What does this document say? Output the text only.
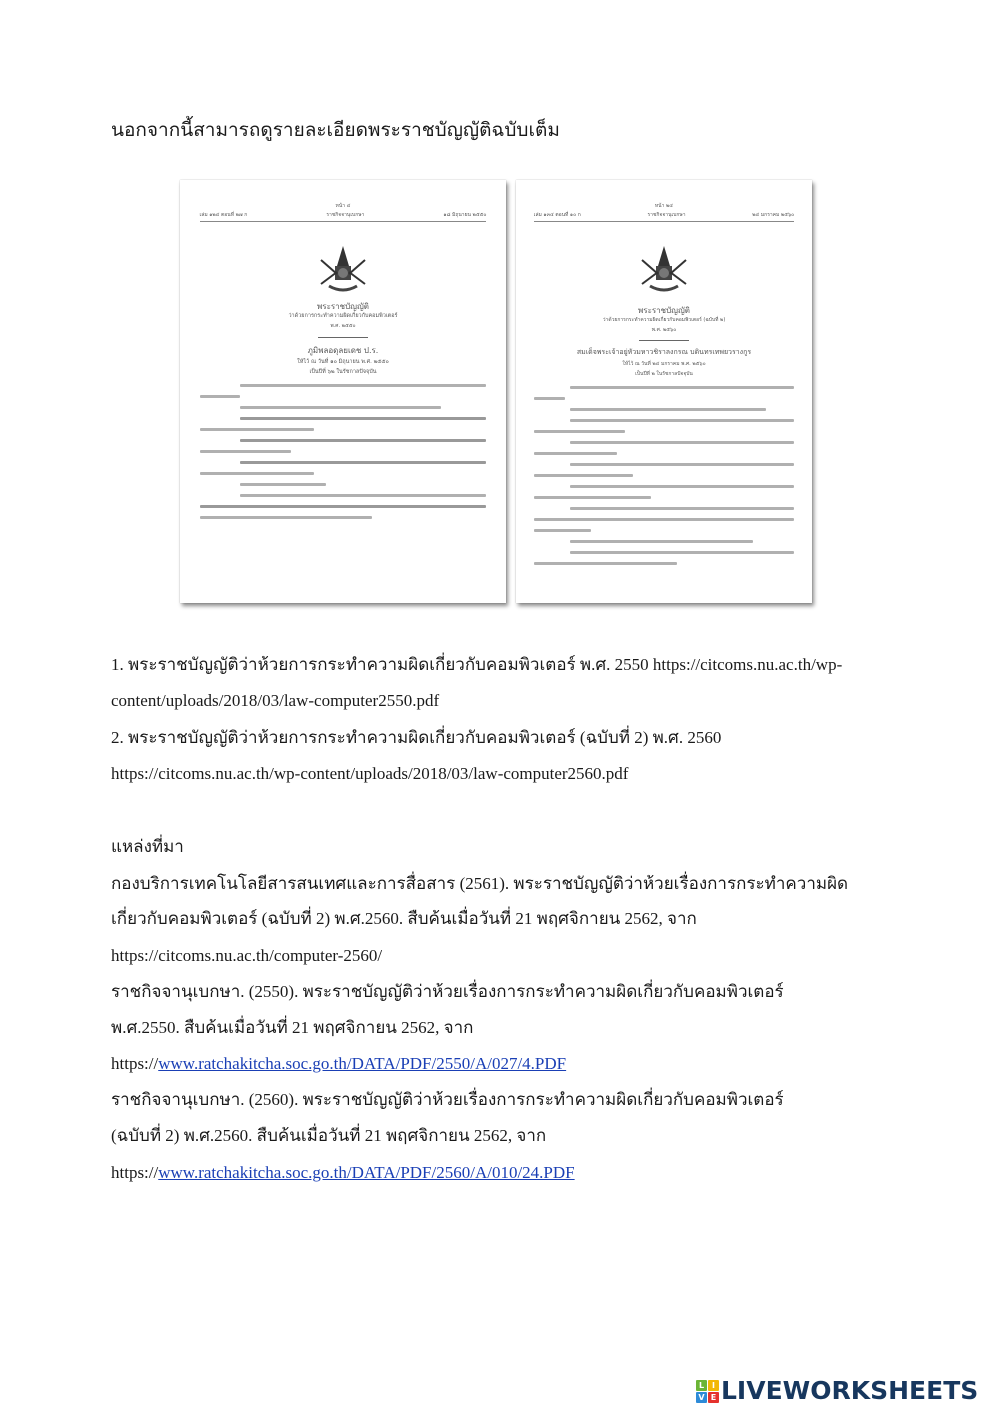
นอกจากนี้สามารถดูรายละเอียดพระราชบัญญัติฉบับเต็ม
หน้า ๔
เล่ม ๑๒๔ ตอนที่ ๒๗ ก	ราชกิจจานุเบกษา	๑๘ มิถุนายน ๒๕๕๐
พระราชบัญญัติ
ว่าด้วยการกระทำความผิดเกี่ยวกับคอมพิวเตอร์
พ.ศ. ๒๕๕๐
ภูมิพลอดุลยเดช ป.ร.
ให้ไว้ ณ วันที่ ๑๐ มิถุนายน พ.ศ. ๒๕๕๐
เป็นปีที่ ๖๒ ในรัชกาลปัจจุบัน
หน้า ๒๔
เล่ม ๑๓๔ ตอนที่ ๑๐ ก	ราชกิจจานุเบกษา	๒๔ มกราคม ๒๕๖๐
พระราชบัญญัติ
ว่าด้วยการกระทำความผิดเกี่ยวกับคอมพิวเตอร์ (ฉบับที่ ๒)
พ.ศ. ๒๕๖๐
สมเด็จพระเจ้าอยู่หัวมหาวชิราลงกรณ บดินทรเทพยวรางกูร
ให้ไว้ ณ วันที่ ๒๔ มกราคม พ.ศ. ๒๕๖๐
เป็นปีที่ ๒ ในรัชกาลปัจจุบัน
1. พระราชบัญญัติว่าห้วยการกระทําความผิดเกี่ยวกับคอมพิวเตอร์ พ.ศ. 2550 https://citcoms.nu.ac.th/wp-
content/uploads/2018/03/law-computer2550.pdf
2. พระราชบัญญัติว่าห้วยการกระทําความผิดเกี่ยวกับคอมพิวเตอร์ (ฉบับที่ 2) พ.ศ. 2560
https://citcoms.nu.ac.th/wp-content/uploads/2018/03/law-computer2560.pdf
แหล่งที่มา
กองบริการเทคโนโลยีสารสนเทศและการสื่อสาร (2561). พระราชบัญญัติว่าห้วยเรื่องการกระทําความผิด
เกี่ยวกับคอมพิวเตอร์ (ฉบับที่ 2) พ.ศ.2560. สืบค้นเมื่อวันที่ 21 พฤศจิกายน 2562, จาก
https://citcoms.nu.ac.th/computer-2560/
ราชกิจจานุเบกษา. (2550). พระราชบัญญัติว่าห้วยเรื่องการกระทําความผิดเกี่ยวกับคอมพิวเตอร์
พ.ศ.2550. สืบค้นเมื่อวันที่ 21 พฤศจิกายน 2562, จาก
https://www.ratchakitcha.soc.go.th/DATA/PDF/2550/A/027/4.PDF
ราชกิจจานุเบกษา. (2560). พระราชบัญญัติว่าห้วยเรื่องการกระทําความผิดเกี่ยวกับคอมพิวเตอร์
(ฉบับที่ 2) พ.ศ.2560. สืบค้นเมื่อวันที่ 21 พฤศจิกายน 2562, จาก
https://www.ratchakitcha.soc.go.th/DATA/PDF/2560/A/010/24.PDF
L I
V E LIVEWORKSHEETS
